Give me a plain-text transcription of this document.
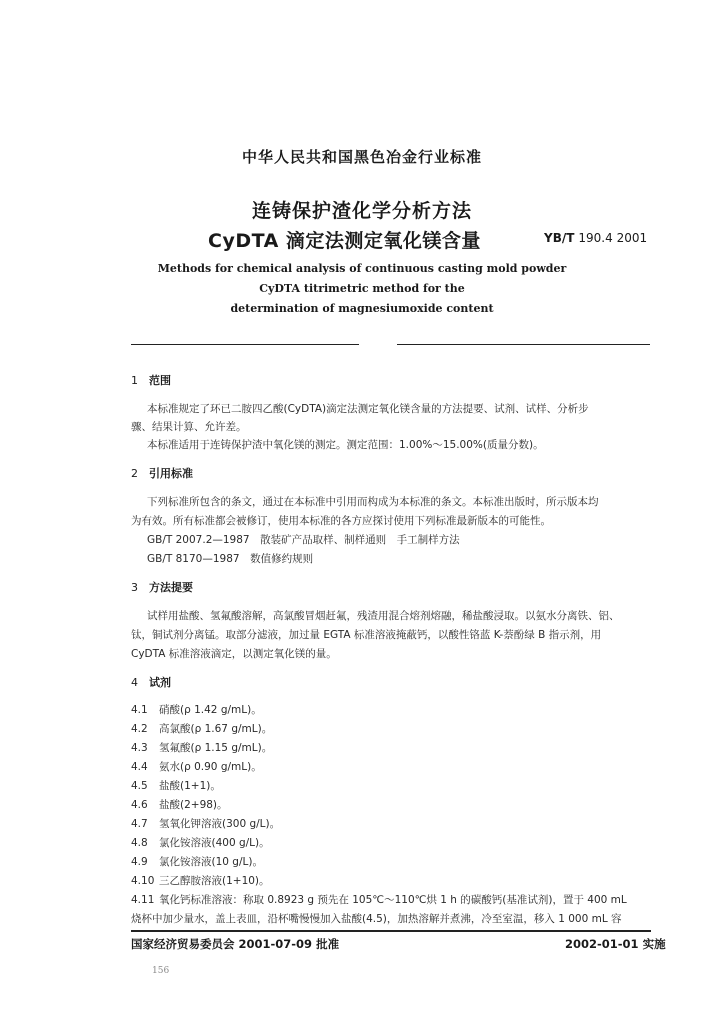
中华人民共和国黑色冶金行业标准
连铸保护渣化学分析方法
CyDTA 滴定法测定氧化镁含量	YB/T 190.4 2001
Methods for chemical analysis of continuous casting mold powder
CyDTA titrimetric method for the
determination of magnesiumoxide content
1 范围
本标准规定了环已二胺四乙酸(CyDTA)滴定法测定氧化镁含量的方法提要、试剂、试样、分析步
骤、结果计算、允许差。
本标准适用于连铸保护渣中氧化镁的测定。测定范围：1.00%～15.00%(质量分数)。
2 引用标准
下列标准所包含的条文，通过在本标准中引用而构成为本标准的条文。本标准出版时，所示版本均
为有效。所有标准都会被修订，使用本标准的各方应探讨使用下列标准最新版本的可能性。
GB/T 2007.2—1987　散装矿产品取样、制样通则　手工制样方法
GB/T 8170—1987　数值修约规则
3 方法提要
试样用盐酸、氢氟酸溶解，高氯酸冒烟赶氟，残渣用混合熔剂熔融，稀盐酸浸取。以氨水分离铁、铝、
钛，铜试剂分离锰。取部分滤液，加过量 EGTA 标准溶液掩蔽钙，以酸性铬蓝 K-萘酚绿 B 指示剂，用
CyDTA 标准溶液滴定，以测定氧化镁的量。
4 试剂
4.1 硝酸(ρ 1.42 g/mL)。
4.2 高氯酸(ρ 1.67 g/mL)。
4.3 氢氟酸(ρ 1.15 g/mL)。
4.4 氨水(ρ 0.90 g/mL)。
4.5 盐酸(1+1)。
4.6 盐酸(2+98)。
4.7 氢氧化钾溶液(300 g/L)。
4.8 氯化铵溶液(400 g/L)。
4.9 氯化铵溶液(10 g/L)。
4.10 三乙醇胺溶液(1+10)。
4.11 氧化钙标准溶液：称取 0.8923 g 预先在 105℃～110℃烘 1 h 的碳酸钙(基准试剂)，置于 400 mL
烧杯中加少量水，盖上表皿，沿杯嘴慢慢加入盐酸(4.5)，加热溶解并煮沸，冷至室温，移入 1 000 mL 容
国家经济贸易委员会 2001-07-09 批准	2002-01-01 实施
156
